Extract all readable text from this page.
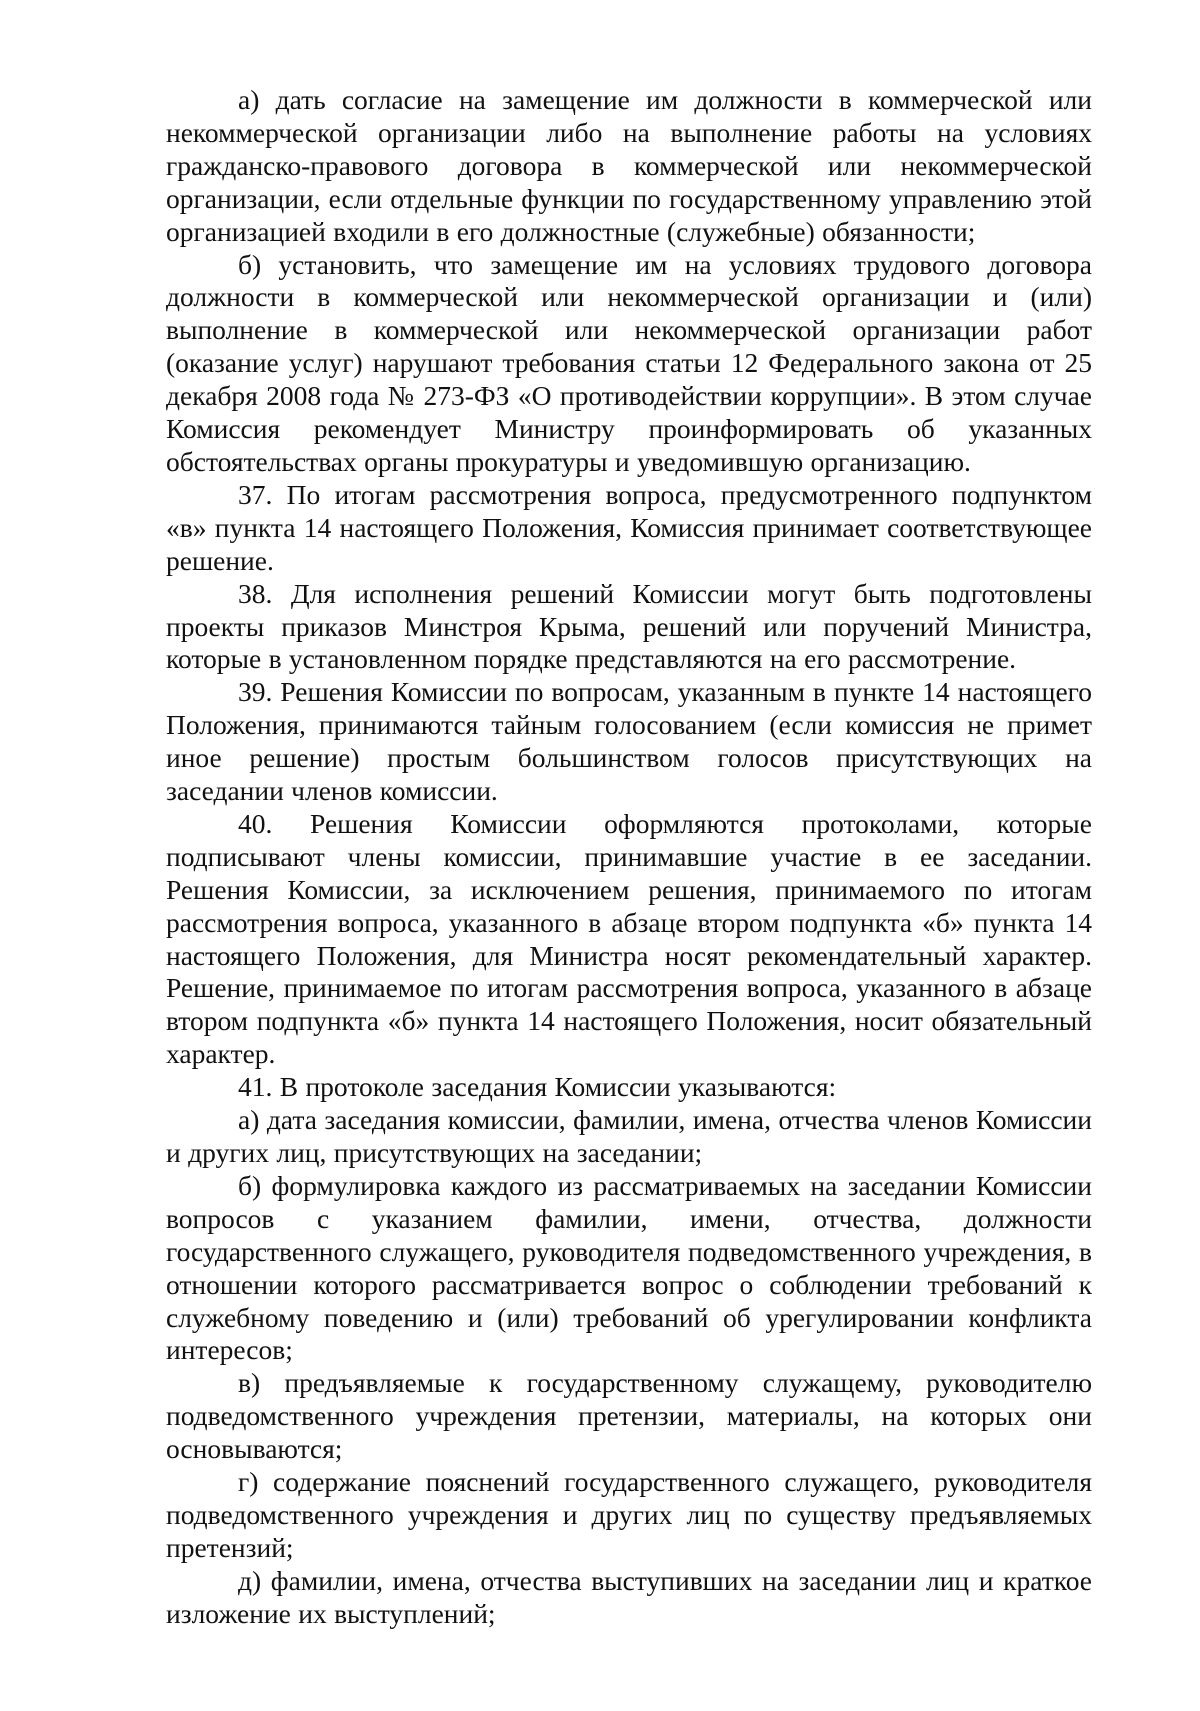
а) дать согласие на замещение им должности в коммерческой или некоммерческой организации либо на выполнение работы на условиях гражданско-правового договора в коммерческой или некоммерческой организации, если отдельные функции по государственному управлению этой организацией входили в его должностные (служебные) обязанности;

б) установить, что замещение им на условиях трудового договора должности в коммерческой или некоммерческой организации и (или) выполнение в коммерческой или некоммерческой организации работ (оказание услуг) нарушают требования статьи 12 Федерального закона от 25 декабря 2008 года № 273-ФЗ «О противодействии коррупции». В этом случае Комиссия рекомендует Министру проинформировать об указанных обстоятельствах органы прокуратуры и уведомившую организацию.

37. По итогам рассмотрения вопроса, предусмотренного подпунктом «в» пункта 14 настоящего Положения, Комиссия принимает соответствующее решение.

38. Для исполнения решений Комиссии могут быть подготовлены проекты приказов Минстроя Крыма, решений или поручений Министра, которые в установленном порядке представляются на его рассмотрение.

39. Решения Комиссии по вопросам, указанным в пункте 14 настоящего Положения, принимаются тайным голосованием (если комиссия не примет иное решение) простым большинством голосов присутствующих на заседании членов комиссии.

40. Решения Комиссии оформляются протоколами, которые подписывают члены комиссии, принимавшие участие в ее заседании. Решения Комиссии, за исключением решения, принимаемого по итогам рассмотрения вопроса, указанного в абзаце втором подпункта «б» пункта 14 настоящего Положения, для Министра носят рекомендательный характер. Решение, принимаемое по итогам рассмотрения вопроса, указанного в абзаце втором подпункта «б» пункта 14 настоящего Положения, носит обязательный характер.

41. В протоколе заседания Комиссии указываются:

а) дата заседания комиссии, фамилии, имена, отчества членов Комиссии и других лиц, присутствующих на заседании;

б) формулировка каждого из рассматриваемых на заседании Комиссии вопросов с указанием фамилии, имени, отчества, должности государственного служащего, руководителя подведомственного учреждения, в отношении которого рассматривается вопрос о соблюдении требований к служебному поведению и (или) требований об урегулировании конфликта интересов;

в) предъявляемые к государственному служащему, руководителю подведомственного учреждения претензии, материалы, на которых они основываются;

г) содержание пояснений государственного служащего, руководителя подведомственного учреждения и других лиц по существу предъявляемых претензий;

д) фамилии, имена, отчества выступивших на заседании лиц и краткое изложение их выступлений;
